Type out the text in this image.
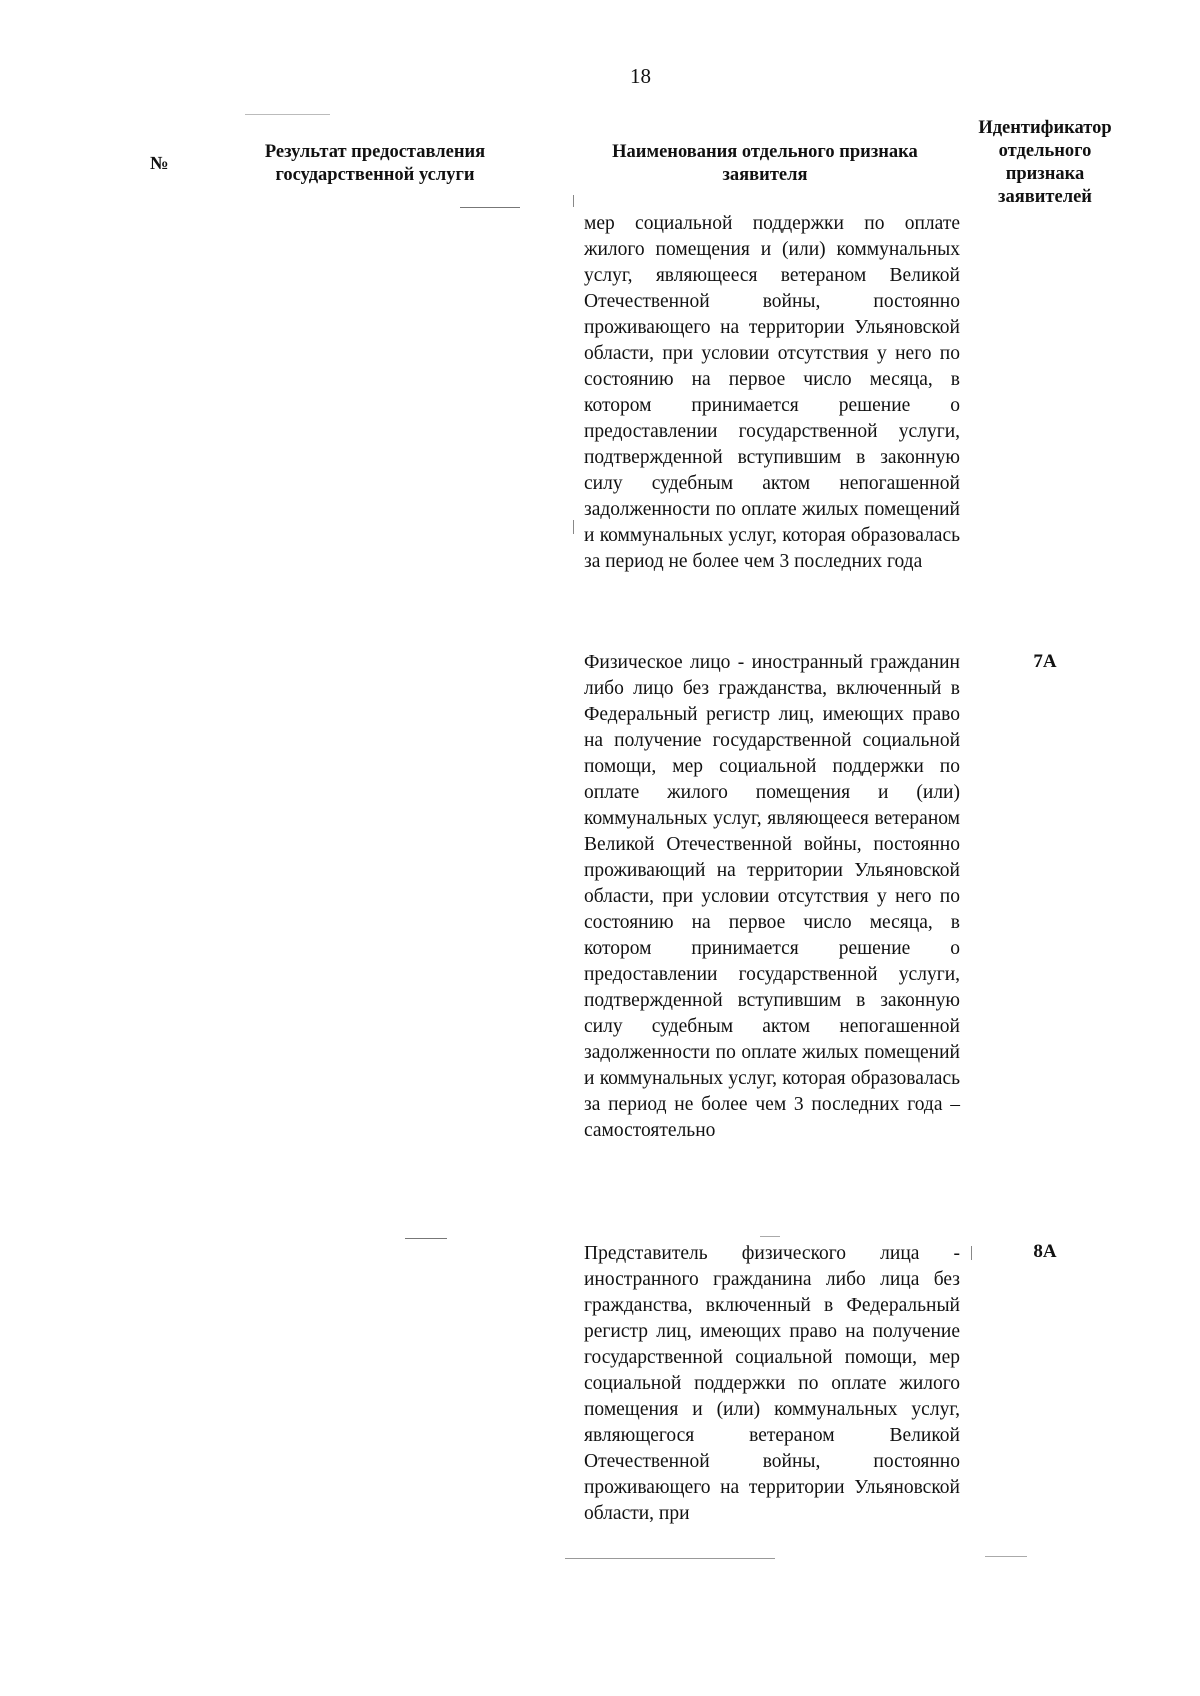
18
№
Результат предоставления государственной услуги
Наименования отдельного признака заявителя
Идентификатор отдельного признака заявителей
мер социальной поддержки по оплате жилого помещения и (или) коммунальных услуг, являющееся ветераном Великой Отечественной войны, постоянно проживающего на территории Ульяновской области, при условии отсутствия у него по состоянию на первое число месяца, в котором принимается решение о предоставлении государственной услуги, подтвержденной вступившим в законную силу судебным актом непогашенной задолженности по оплате жилых помещений и коммунальных услуг, которая образовалась за период не более чем 3 последних года
Физическое лицо - иностранный гражданин либо лицо без гражданства, включенный в Федеральный регистр лиц, имеющих право на получение государственной социальной помощи, мер социальной поддержки по оплате жилого помещения и (или) коммунальных услуг, являющееся ветераном Великой Отечественной войны, постоянно проживающий на территории Ульяновской области, при условии отсутствия у него по состоянию на первое число месяца, в котором принимается решение о предоставлении государственной услуги, подтвержденной вступившим в законную силу судебным актом непогашенной задолженности по оплате жилых помещений и коммунальных услуг, которая образовалась за период не более чем 3 последних года – самостоятельно
7А
Представитель физического лица - иностранного гражданина либо лица без гражданства, включенный в Федеральный регистр лиц, имеющих право на получение государственной социальной помощи, мер социальной поддержки по оплате жилого помещения и (или) коммунальных услуг, являющегося ветераном Великой Отечественной войны, постоянно проживающего на территории Ульяновской области, при
8А
